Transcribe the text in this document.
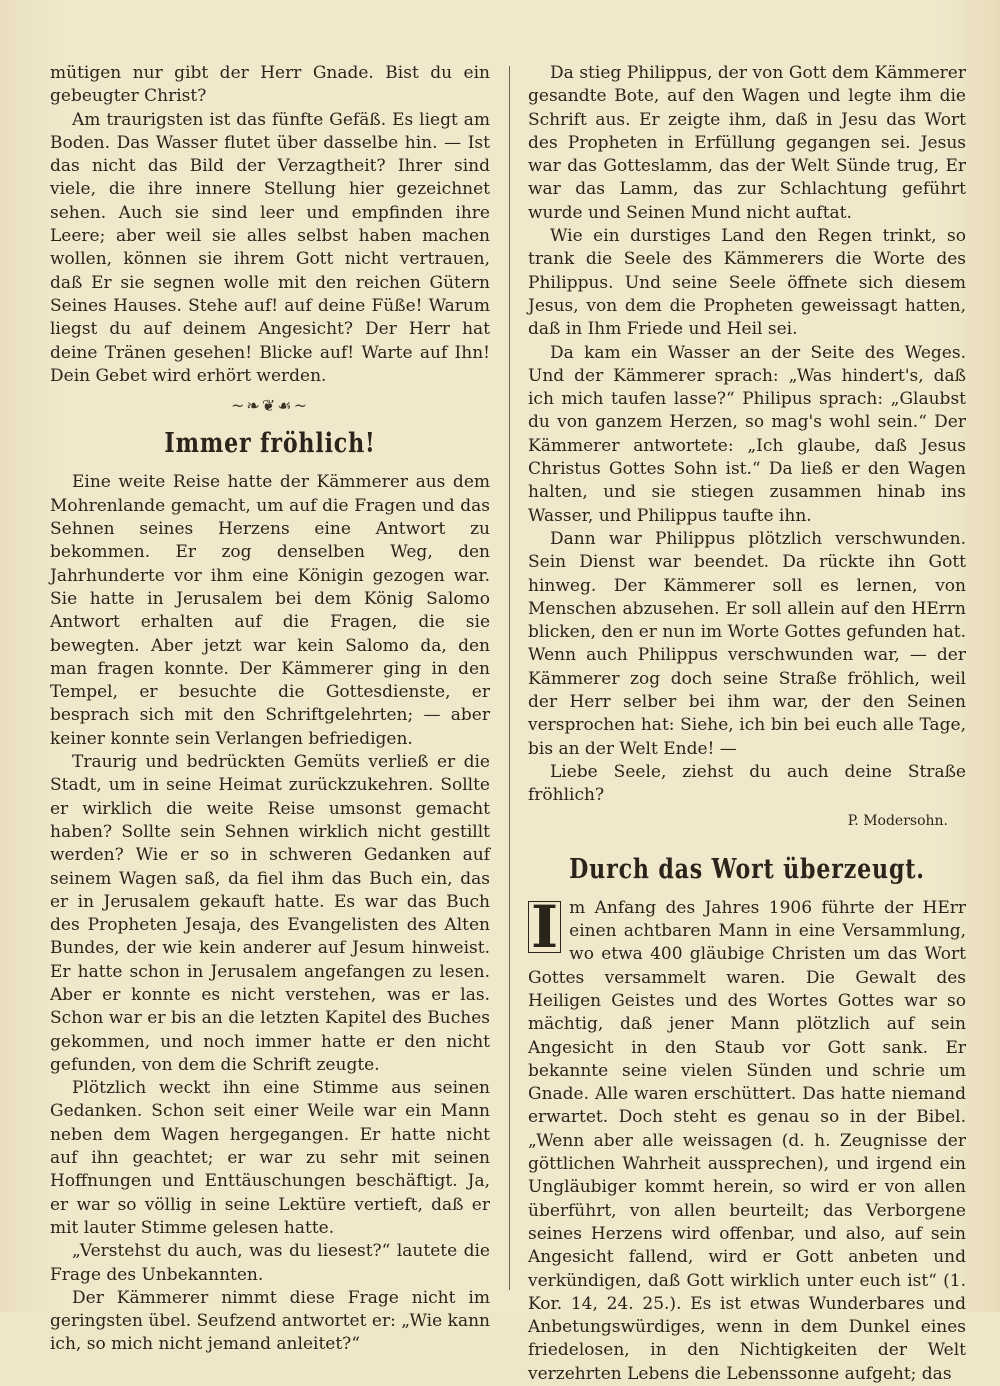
mütigen nur gibt der Herr Gnade. Bist du ein gebeugter Christ?

Am traurigsten ist das fünfte Gefäß. Es liegt am Boden. Das Wasser flutet über dasselbe hin. — Ist das nicht das Bild der Verzagtheit? Ihrer sind viele, die ihre innere Stellung hier gezeichnet sehen. Auch sie sind leer und empfinden ihre Leere; aber weil sie alles selbst haben machen wollen, können sie ihrem Gott nicht vertrauen, daß Er sie segnen wolle mit den reichen Gütern Seines Hauses. Stehe auf! auf deine Füße! Warum liegst du auf deinem Angesicht? Der Herr hat deine Tränen gesehen! Blicke auf! Warte auf Ihn! Dein Gebet wird erhört werden.

~❧❦☙~
Immer fröhlich!

Eine weite Reise hatte der Kämmerer aus dem Mohrenlande gemacht, um auf die Fragen und das Sehnen seines Herzens eine Antwort zu bekommen. Er zog denselben Weg, den Jahrhunderte vor ihm eine Königin gezogen war. Sie hatte in Jerusalem bei dem König Salomo Antwort erhalten auf die Fragen, die sie bewegten. Aber jetzt war kein Salomo da, den man fragen konnte. Der Kämmerer ging in den Tempel, er besuchte die Gottesdienste, er besprach sich mit den Schriftgelehrten; — aber keiner konnte sein Verlangen befriedigen.

Traurig und bedrückten Gemüts verließ er die Stadt, um in seine Heimat zurückzukehren. Sollte er wirklich die weite Reise umsonst gemacht haben? Sollte sein Sehnen wirklich nicht gestillt werden? Wie er so in schweren Gedanken auf seinem Wagen saß, da fiel ihm das Buch ein, das er in Jerusalem gekauft hatte. Es war das Buch des Propheten Jesaja, des Evangelisten des Alten Bundes, der wie kein anderer auf Jesum hinweist. Er hatte schon in Jerusalem angefangen zu lesen. Aber er konnte es nicht verstehen, was er las. Schon war er bis an die letzten Kapitel des Buches gekommen, und noch immer hatte er den nicht gefunden, von dem die Schrift zeugte.

Plötzlich weckt ihn eine Stimme aus seinen Gedanken. Schon seit einer Weile war ein Mann neben dem Wagen hergegangen. Er hatte nicht auf ihn geachtet; er war zu sehr mit seinen Hoffnungen und Enttäuschungen beschäftigt. Ja, er war so völlig in seine Lektüre vertieft, daß er mit lauter Stimme gelesen hatte.

„Verstehst du auch, was du liesest?“ lautete die Frage des Unbekannten.

Der Kämmerer nimmt diese Frage nicht im geringsten übel. Seufzend antwortet er: „Wie kann ich, so mich nicht jemand anleitet?“

Da stieg Philippus, der von Gott dem Kämmerer gesandte Bote, auf den Wagen und legte ihm die Schrift aus. Er zeigte ihm, daß in Jesu das Wort des Propheten in Erfüllung gegangen sei. Jesus war das Gotteslamm, das der Welt Sünde trug, Er war das Lamm, das zur Schlachtung geführt wurde und Seinen Mund nicht auftat.

Wie ein durstiges Land den Regen trinkt, so trank die Seele des Kämmerers die Worte des Philippus. Und seine Seele öffnete sich diesem Jesus, von dem die Propheten geweissagt hatten, daß in Ihm Friede und Heil sei.

Da kam ein Wasser an der Seite des Weges. Und der Kämmerer sprach: „Was hindert's, daß ich mich taufen lasse?“ Philipus sprach: „Glaubst du von ganzem Herzen, so mag's wohl sein.“ Der Kämmerer antwortete: „Ich glaube, daß Jesus Christus Gottes Sohn ist.“ Da ließ er den Wagen halten, und sie stiegen zusammen hinab ins Wasser, und Philippus taufte ihn.

Dann war Philippus plötzlich verschwunden. Sein Dienst war beendet. Da rückte ihn Gott hinweg. Der Kämmerer soll es lernen, von Menschen abzusehen. Er soll allein auf den HErrn blicken, den er nun im Worte Gottes gefunden hat. Wenn auch Philippus verschwunden war, — der Kämmerer zog doch seine Straße fröhlich, weil der Herr selber bei ihm war, der den Seinen versprochen hat: Siehe, ich bin bei euch alle Tage, bis an der Welt Ende! —

Liebe Seele, ziehst du auch deine Straße fröhlich?

P. Modersohn.
Durch das Wort überzeugt.

I m Anfang des Jahres 1906 führte der HErr einen achtbaren Mann in eine Versammlung, wo etwa 400 gläubige Christen um das Wort Gottes versammelt waren. Die Gewalt des Heiligen Geistes und des Wortes Gottes war so mächtig, daß jener Mann plötzlich auf sein Angesicht in den Staub vor Gott sank. Er bekannte seine vielen Sünden und schrie um Gnade. Alle waren erschüttert. Das hatte niemand erwartet. Doch steht es genau so in der Bibel. „Wenn aber alle weissagen (d. h. Zeugnisse der göttlichen Wahrheit aussprechen), und irgend ein Ungläubiger kommt herein, so wird er von allen überführt, von allen beurteilt; das Verborgene seines Herzens wird offenbar, und also, auf sein Angesicht fallend, wird er Gott anbeten und verkündigen, daß Gott wirklich unter euch ist“ (1. Kor. 14, 24. 25.). Es ist etwas Wunderbares und Anbetungswürdiges, wenn in dem Dunkel eines friedelosen, in den Nichtigkeiten der Welt verzehrten Lebens die Lebenssonne aufgeht; das
